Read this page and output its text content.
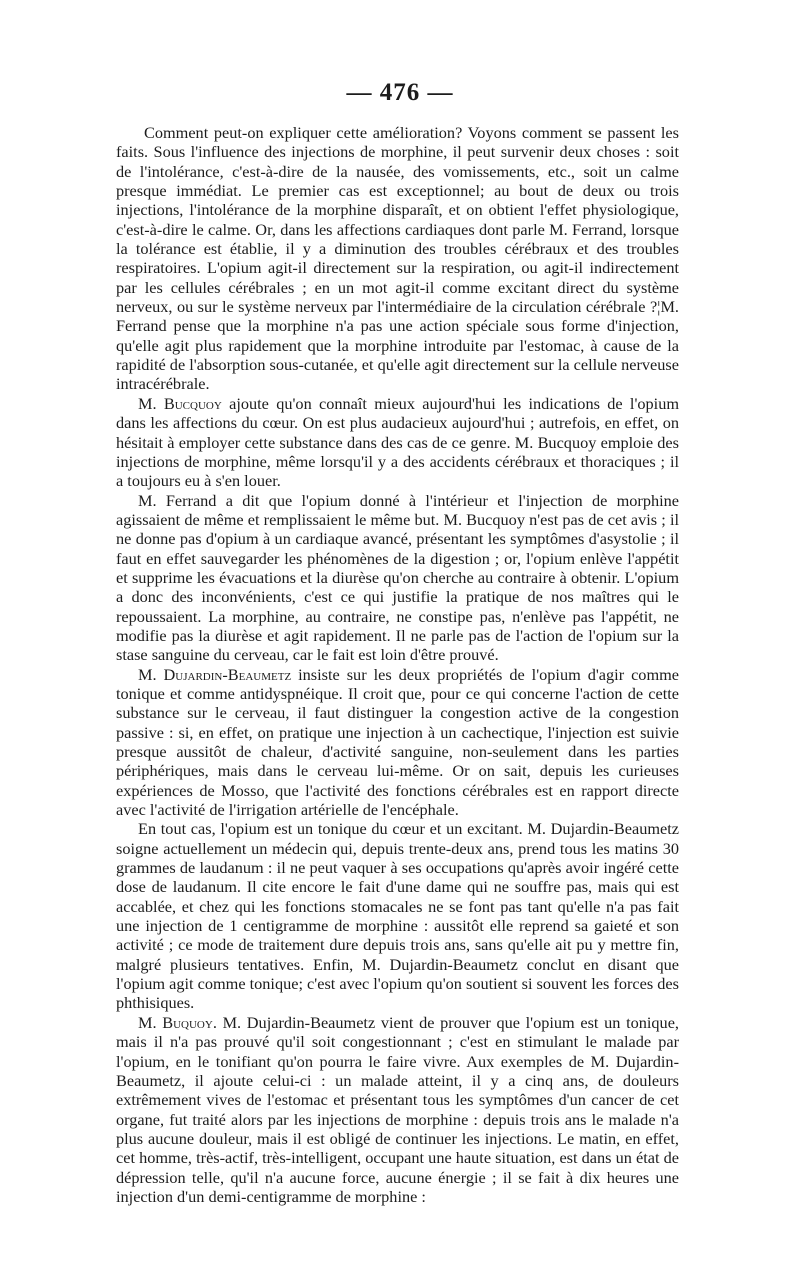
— 476 —

Comment peut-on expliquer cette amélioration? Voyons comment se passent les faits. Sous l'influence des injections de morphine, il peut survenir deux choses : soit de l'intolérance, c'est-à-dire de la nausée, des vomissements, etc., soit un calme presque immédiat. Le premier cas est exceptionnel; au bout de deux ou trois injections, l'intolérance de la morphine disparaît, et on obtient l'effet physiologique, c'est-à-dire le calme. Or, dans les affections cardiaques dont parle M. Ferrand, lorsque la tolérance est établie, il y a diminution des troubles cérébraux et des troubles respiratoires. L'opium agit-il directement sur la respiration, ou agit-il indirectement par les cellules cérébrales ; en un mot agit-il comme excitant direct du système nerveux, ou sur le système nerveux par l'intermédiaire de la circulation cérébrale ?¦M. Ferrand pense que la morphine n'a pas une action spéciale sous forme d'injection, qu'elle agit plus rapidement que la morphine introduite par l'estomac, à cause de la rapidité de l'absorption sous-cutanée, et qu'elle agit directement sur la cellule nerveuse intracérébrale.

M. Bucquoy ajoute qu'on connaît mieux aujourd'hui les indications de l'opium dans les affections du cœur. On est plus audacieux aujourd'hui ; autrefois, en effet, on hésitait à employer cette substance dans des cas de ce genre. M. Bucquoy emploie des injections de morphine, même lorsqu'il y a des accidents cérébraux et thoraciques ; il a toujours eu à s'en louer.

M. Ferrand a dit que l'opium donné à l'intérieur et l'injection de morphine agissaient de même et remplissaient le même but. M. Bucquoy n'est pas de cet avis ; il ne donne pas d'opium à un cardiaque avancé, présentant les symptômes d'asystolie ; il faut en effet sauvegarder les phénomènes de la digestion ; or, l'opium enlève l'appétit et supprime les évacuations et la diurèse qu'on cherche au contraire à obtenir. L'opium a donc des inconvénients, c'est ce qui justifie la pratique de nos maîtres qui le repoussaient. La morphine, au contraire, ne constipe pas, n'enlève pas l'appétit, ne modifie pas la diurèse et agit rapidement. Il ne parle pas de l'action de l'opium sur la stase sanguine du cerveau, car le fait est loin d'être prouvé.

M. Dujardin-Beaumetz insiste sur les deux propriétés de l'opium d'agir comme tonique et comme antidyspnéique. Il croit que, pour ce qui concerne l'action de cette substance sur le cerveau, il faut distinguer la congestion active de la congestion passive : si, en effet, on pratique une injection à un cachectique, l'injection est suivie presque aussitôt de chaleur, d'activité sanguine, non-seulement dans les parties périphériques, mais dans le cerveau lui-même. Or on sait, depuis les curieuses expériences de Mosso, que l'activité des fonctions cérébrales est en rapport directe avec l'activité de l'irrigation artérielle de l'encéphale.

En tout cas, l'opium est un tonique du cœur et un excitant. M. Dujardin-Beaumetz soigne actuellement un médecin qui, depuis trente-deux ans, prend tous les matins 30 grammes de laudanum : il ne peut vaquer à ses occupations qu'après avoir ingéré cette dose de laudanum. Il cite encore le fait d'une dame qui ne souffre pas, mais qui est accablée, et chez qui les fonctions stomacales ne se font pas tant qu'elle n'a pas fait une injection de 1 centigramme de morphine : aussitôt elle reprend sa gaieté et son activité ; ce mode de traitement dure depuis trois ans, sans qu'elle ait pu y mettre fin, malgré plusieurs tentatives. Enfin, M. Dujardin-Beaumetz conclut en disant que l'opium agit comme tonique; c'est avec l'opium qu'on soutient si souvent les forces des phthisiques.

M. Buquoy. M. Dujardin-Beaumetz vient de prouver que l'opium est un tonique, mais il n'a pas prouvé qu'il soit congestionnant ; c'est en stimulant le malade par l'opium, en le tonifiant qu'on pourra le faire vivre. Aux exemples de M. Dujardin-Beaumetz, il ajoute celui-ci : un malade atteint, il y a cinq ans, de douleurs extrêmement vives de l'estomac et présentant tous les symptômes d'un cancer de cet organe, fut traité alors par les injections de morphine : depuis trois ans le malade n'a plus aucune douleur, mais il est obligé de continuer les injections. Le matin, en effet, cet homme, très-actif, très-intelligent, occupant une haute situation, est dans un état de dépression telle, qu'il n'a aucune force, aucune énergie ; il se fait à dix heures une injection d'un demi-centigramme de morphine :
